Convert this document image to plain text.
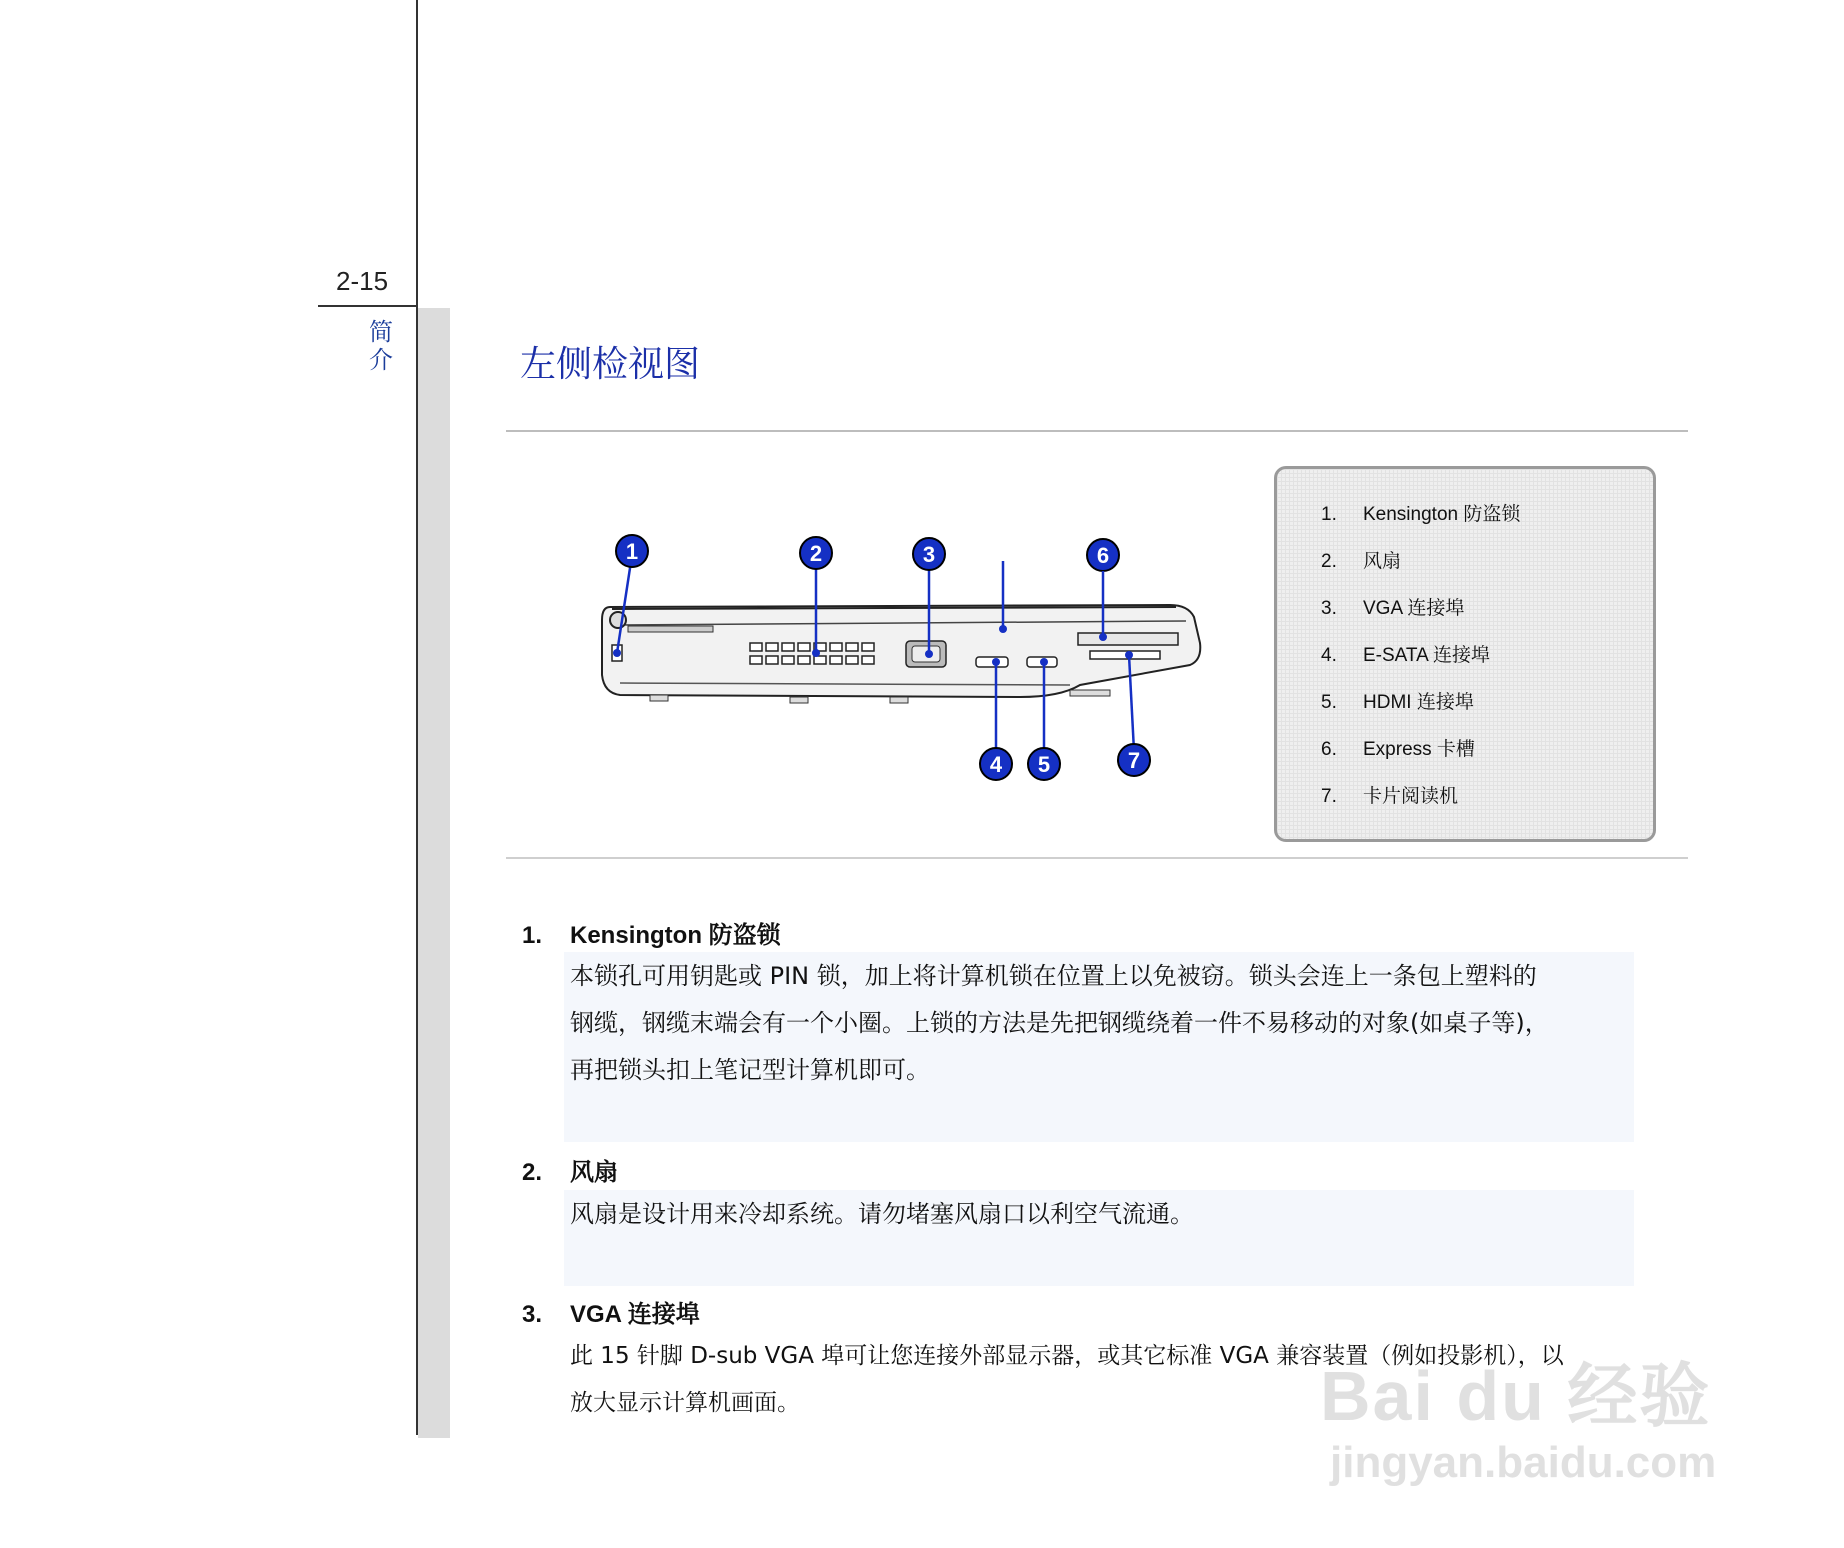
2-15
简介	左侧检视图
1	2	3
4 5
6
7
1. Kensington 防盗锁
2. 风扇
3. VGA 连接埠
4. E-SATA 连接埠
5. HDMI 连接埠
6. Express 卡槽
7. 卡片阅读机
1. Kensington 防盗锁
本锁孔可用钥匙或 PIN 锁，加上将计算机锁在位置上以免被窃。锁头会连上一条包上塑料的
钢缆，钢缆末端会有一个小圈。上锁的方法是先把钢缆绕着一件不易移动的对象(如桌子等)，
再把锁头扣上笔记型计算机即可。
2. 风扇
风扇是设计用来冷却系统。请勿堵塞风扇口以利空气流通。
3. VGA 连接埠
此 15 针脚 D-sub VGA 埠可让您连接外部显示器，或其它标准 VGA 兼容装置（例如投影机），以
放大显示计算机画面。	Bai du 经验
jingyan.baidu.com
